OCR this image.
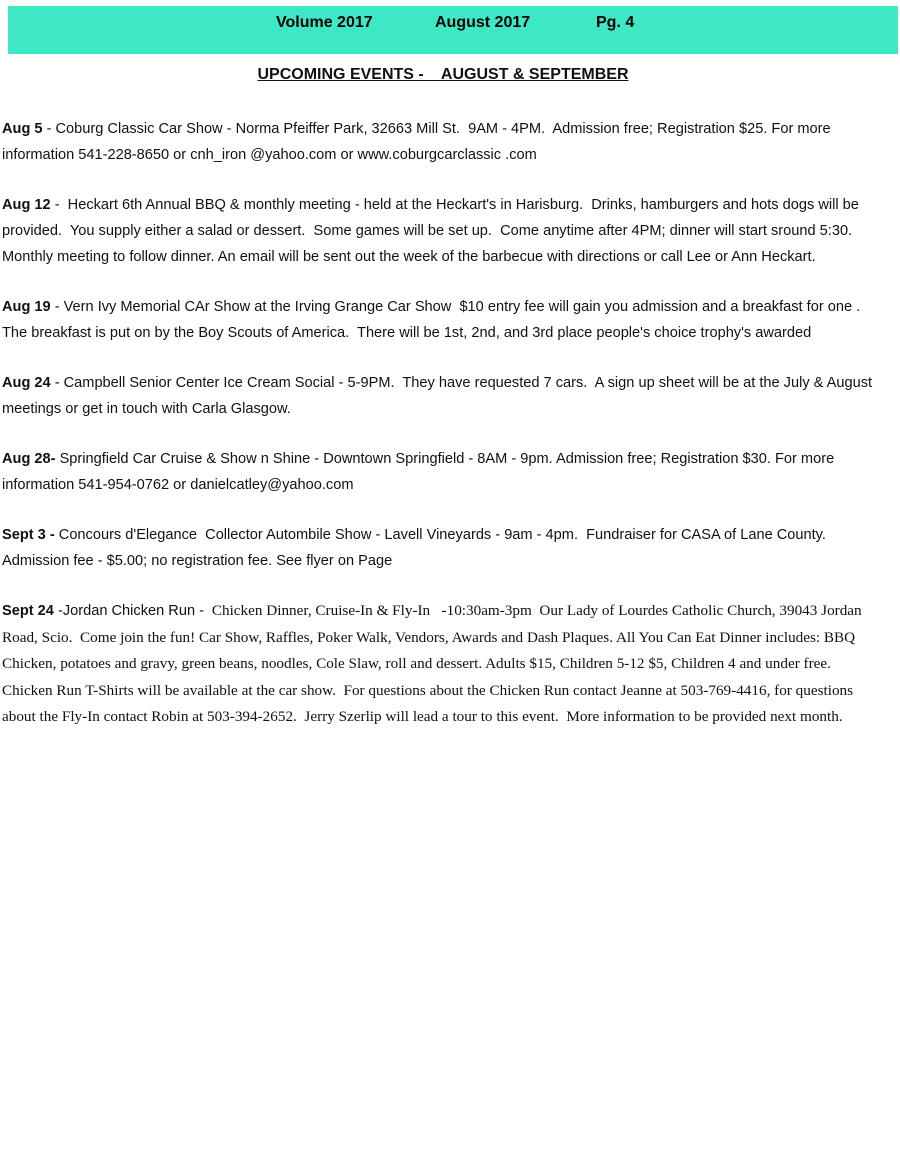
Volume 2017	August 2017	Pg. 4
UPCOMING EVENTS -    AUGUST & SEPTEMBER

Aug 5 - Coburg Classic Car Show - Norma Pfeiffer Park, 32663 Mill St.  9AM - 4PM.  Admission free; Registration $25. For more information 541-228-8650 or cnh_iron @yahoo.com or www.coburgcarclassic .com

Aug 12 -  Heckart 6th Annual BBQ & monthly meeting - held at the Heckart's in Harisburg.  Drinks, hamburgers and hots dogs will be provided.  You supply either a salad or dessert.  Some games will be set up.  Come anytime after 4PM; dinner will start sround 5:30.  Monthly meeting to follow dinner. An email will be sent out the week of the barbecue with directions or call Lee or Ann Heckart.

Aug 19 - Vern Ivy Memorial CAr Show at the Irving Grange Car Show  $10 entry fee will gain you admission and a breakfast for one .  The breakfast is put on by the Boy Scouts of America.  There will be 1st, 2nd, and 3rd place people's choice trophy's awarded

Aug 24 - Campbell Senior Center Ice Cream Social - 5-9PM.  They have requested 7 cars.  A sign up sheet will be at the July & August meetings or get in touch with Carla Glasgow.

Aug 28- Springfield Car Cruise & Show n Shine - Downtown Springfield - 8AM - 9pm. Admission free; Registration $30. For more information 541-954-0762 or danielcatley@yahoo.com

Sept 3 - Concours d'Elegance  Collector Autombile Show - Lavell Vineyards - 9am - 4pm.  Fundraiser for CASA of Lane County.  Admission fee - $5.00; no registration fee. See flyer on Page

Sept 24 -Jordan Chicken Run -  Chicken Dinner, Cruise-In & Fly-In   -10:30am-3pm  Our Lady of Lourdes Catholic Church, 39043 Jordan Road, Scio.  Come join the fun! Car Show, Raffles, Poker Walk, Vendors, Awards and Dash Plaques. All You Can Eat Dinner includes: BBQ Chicken, potatoes and gravy, green beans, noodles, Cole Slaw, roll and dessert. Adults $15, Children 5-12 $5, Children 4 and under free.  Chicken Run T-Shirts will be available at the car show.  For questions about the Chicken Run contact Jeanne at 503-769-4416, for questions about the Fly-In contact Robin at 503-394-2652.  Jerry Szerlip will lead a tour to this event.  More information to be provided next month.
